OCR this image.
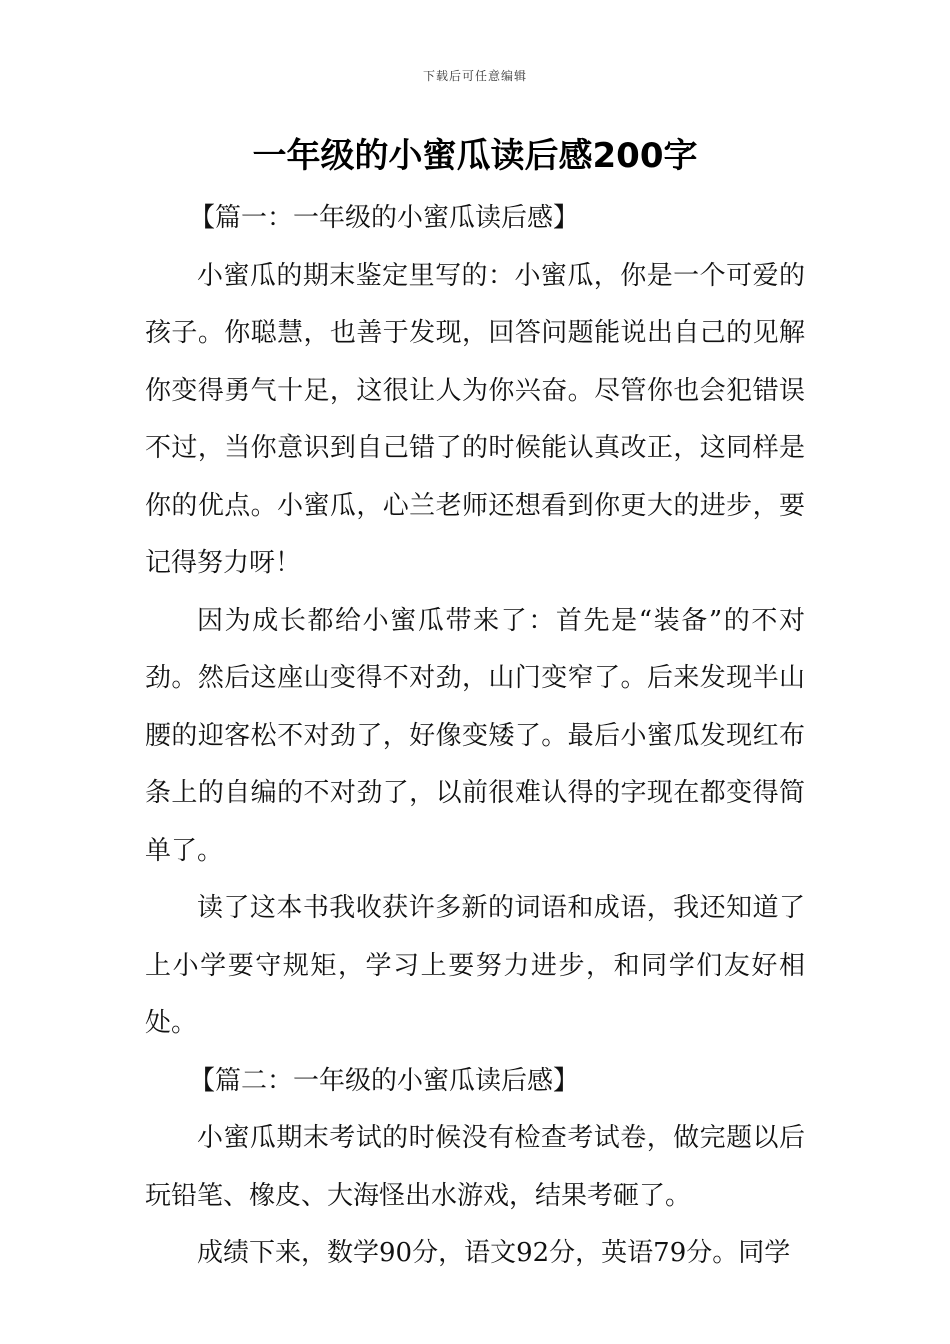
下载后可任意编辑
一年级的小蜜瓜读后感200字

【篇一：一年级的小蜜瓜读后感】

小蜜瓜的期末鉴定里写的：小蜜瓜，你是一个可爱的孩子。你聪慧，也善于发现，回答问题能说出自己的见解你变得勇气十足，这很让人为你兴奋。尽管你也会犯错误不过，当你意识到自己错了的时候能认真改正，这同样是你的优点。小蜜瓜，心兰老师还想看到你更大的进步，要记得努力呀！

因为成长都给小蜜瓜带来了：首先是“装备”的不对劲。然后这座山变得不对劲，山门变窄了。后来发现半山腰的迎客松不对劲了，好像变矮了。最后小蜜瓜发现红布条上的自编的不对劲了，以前很难认得的字现在都变得简单了。

读了这本书我收获许多新的词语和成语，我还知道了上小学要守规矩，学习上要努力进步，和同学们友好相处。

【篇二：一年级的小蜜瓜读后感】

小蜜瓜期末考试的时候没有检查考试卷，做完题以后玩铅笔、橡皮、大海怪出水游戏，结果考砸了。

成绩下来，数学90分，语文92分，英语79分。同学
